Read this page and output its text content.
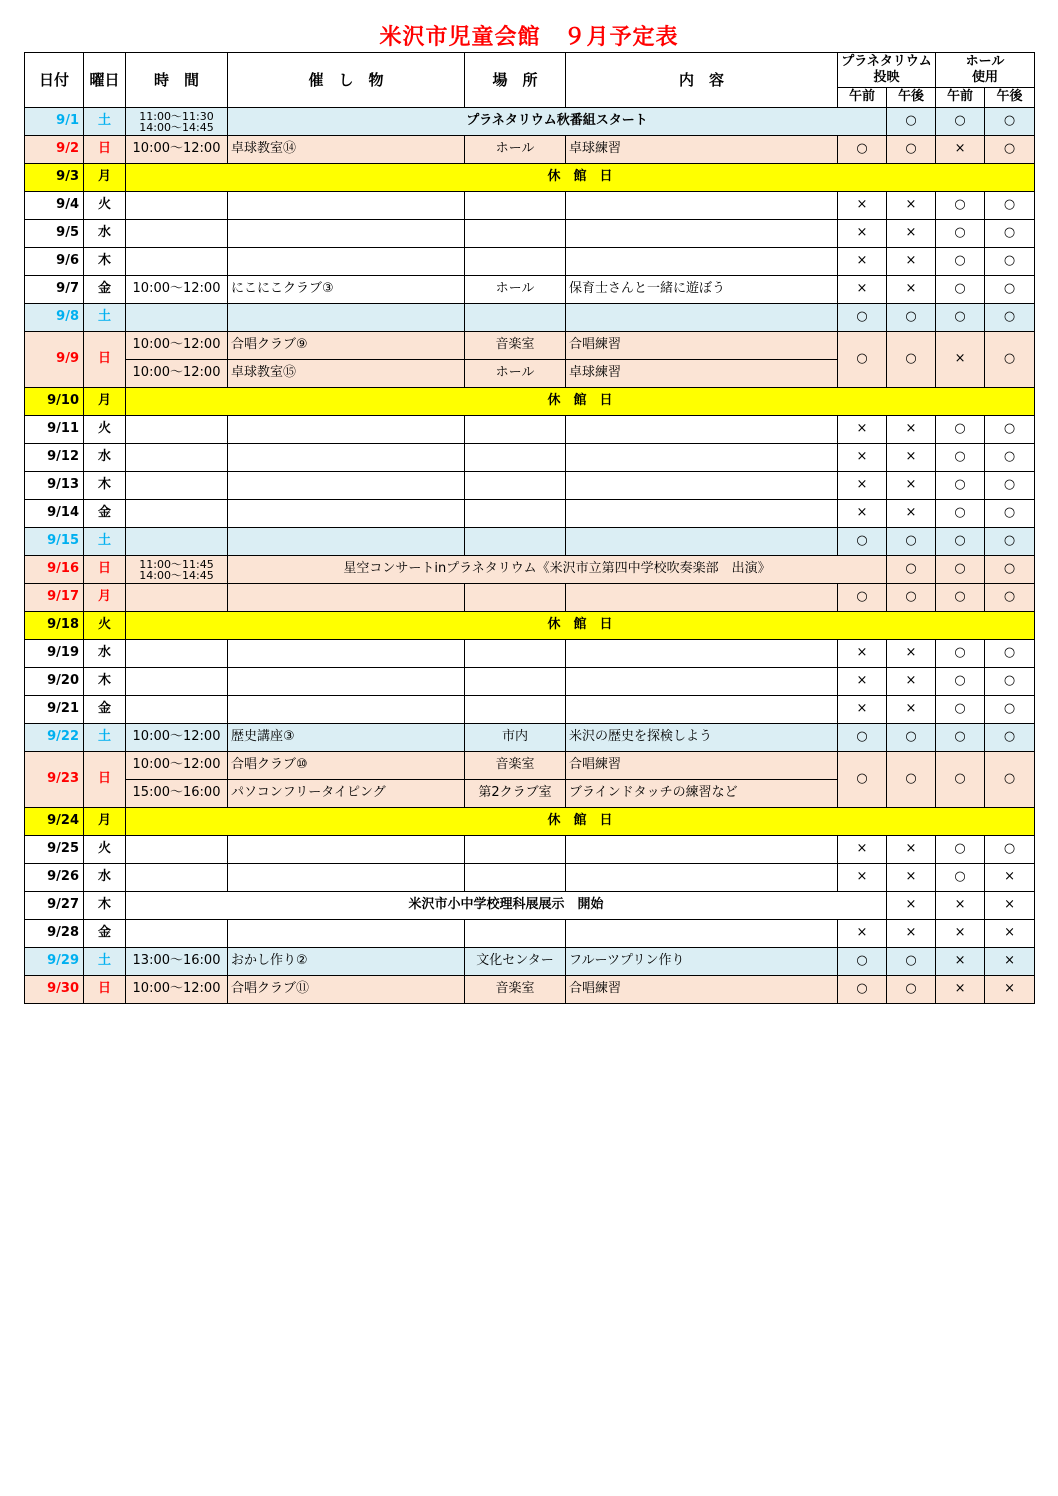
米沢市児童会館　９月予定表
日付	曜日	時　間	催　し　物	場　所	内　容	プラネタリウム
投映		ホール
使用		
						午前	午後	午前	午後	
9/1	土	11:00～11:30
14:00～14:45	プラネタリウム秋番組スタート				○	○	○	
9/2	日	10:00～12:00	卓球教室⑭	ホール	卓球練習	○	○	×	○	
9/3	月	休　館　日								
9/4	火					×	×	○	○	
9/5	水					×	×	○	○	
9/6	木					×	×	○	○	
9/7	金	10:00～12:00	にこにこクラブ③	ホール	保育士さんと一緒に遊ぼう	×	×	○	○	
9/8	土					○	○	○	○	
9/9	日	10:00～12:00	合唱クラブ⑨	音楽室	合唱練習	○	○	×	○	
		10:00～12:00	卓球教室⑮	ホール	卓球練習					
9/10	月	休　館　日								
9/11	火					×	×	○	○	
9/12	水					×	×	○	○	
9/13	木					×	×	○	○	
9/14	金					×	×	○	○	
9/15	土					○	○	○	○	
9/16	日	11:00～11:45
14:00～14:45	星空コンサートinプラネタリウム《米沢市立第四中学校吹奏楽部　出演》				○	○	○	
9/17	月					○	○	○	○	
9/18	火	休　館　日								
9/19	水					×	×	○	○	
9/20	木					×	×	○	○	
9/21	金					×	×	○	○	
9/22	土	10:00～12:00	歴史講座③	市内	米沢の歴史を探検しよう	○	○	○	○	
9/23	日	10:00～12:00	合唱クラブ⑩	音楽室	合唱練習	○	○	○	○	
		15:00～16:00	パソコンフリータイピング	第2クラブ室	ブラインドタッチの練習など					
9/24	月	休　館　日								
9/25	火					×	×	○	○	
9/26	水					×	×	○	×	
9/27	木	米沢市小中学校理科展展示　開始					×	×	×	
9/28	金					×	×	×	×	
9/29	土	13:00～16:00	おかし作り②	文化センター	フルーツプリン作り	○	○	×	×	
9/30	日	10:00～12:00	合唱クラブ⑪	音楽室	合唱練習	○	○	×	×	
